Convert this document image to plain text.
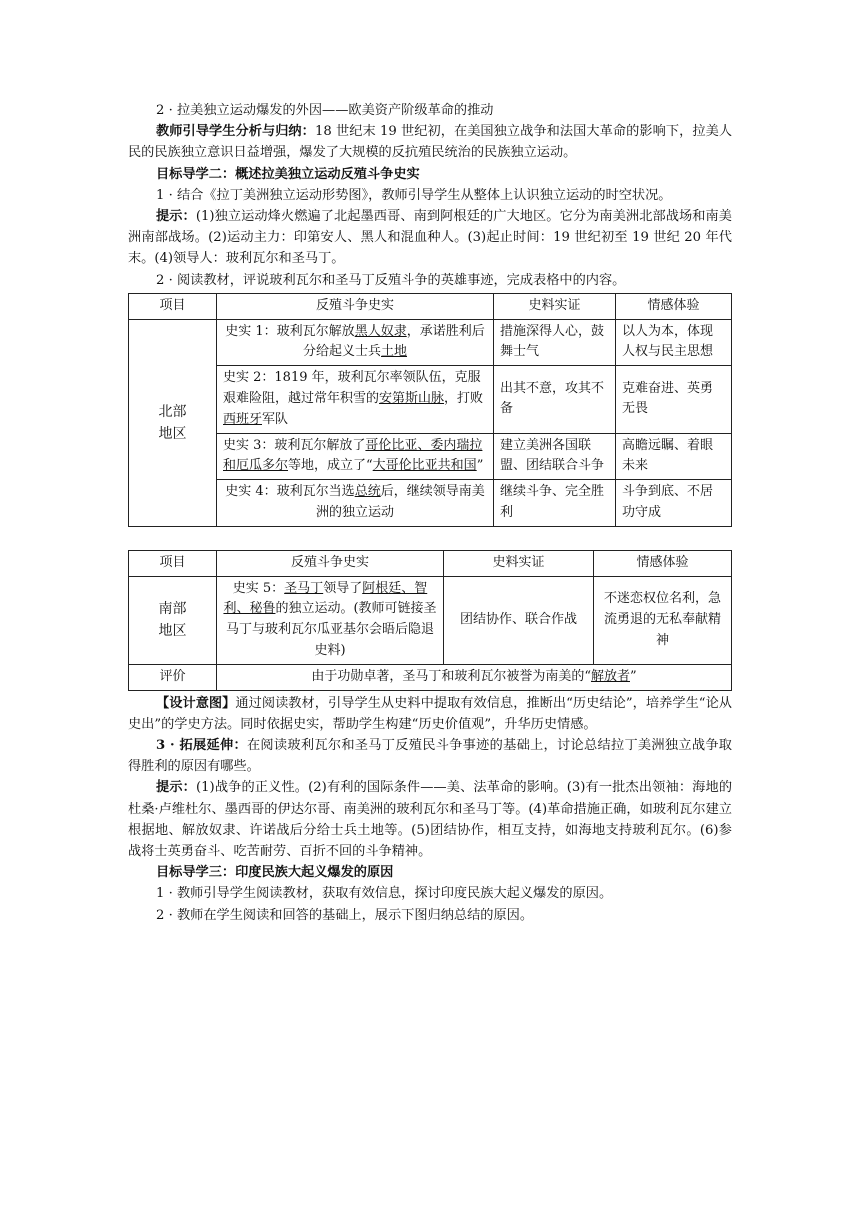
2 · 拉美独立运动爆发的外因——欧美资产阶级革命的推动

教师引导学生分析与归纳：18 世纪末 19 世纪初，在美国独立战争和法国大革命的影响下，拉美人民的民族独立意识日益增强，爆发了大规模的反抗殖民统治的民族独立运动。

目标导学二：概述拉美独立运动反殖斗争史实

1 · 结合《拉丁美洲独立运动形势图》，教师引导学生从整体上认识独立运动的时空状况。

提示：(1)独立运动烽火燃遍了北起墨西哥、南到阿根廷的广大地区。它分为南美洲北部战场和南美洲南部战场。(2)运动主力：印第安人、黑人和混血种人。(3)起止时间：19 世纪初至 19 世纪 20 年代末。(4)领导人：玻利瓦尔和圣马丁。

2 · 阅读教材，评说玻利瓦尔和圣马丁反殖斗争的英雄事迹，完成表格中的内容。

项目	反殖斗争史实	史料实证	情感体验
北部
地区	史实 1：玻利瓦尔解放黑人奴隶，承诺胜利后分给起义士兵土地	措施深得人心，鼓舞士气	以人为本，体现人权与民主思想
	史实 2：1819 年，玻利瓦尔率领队伍，克服艰难险阻，越过常年积雪的安第斯山脉，打败西班牙军队	出其不意，攻其不备	克难奋进、英勇无畏
	史实 3：玻利瓦尔解放了哥伦比亚、委内瑞拉和厄瓜多尔等地，成立了“大哥伦比亚共和国”	建立美洲各国联盟、团结联合斗争	高瞻远瞩、着眼未来
	史实 4：玻利瓦尔当选总统后，继续领导南美洲的独立运动	继续斗争、完全胜利	斗争到底、不居功守成
项目	反殖斗争史实	史料实证	情感体验
南部
地区	史实 5：圣马丁领导了阿根廷、智利、秘鲁的独立运动。(教师可链接圣马丁与玻利瓦尔瓜亚基尔会晤后隐退史料)	团结协作、联合作战	不迷恋权位名利，急流勇退的无私奉献精神
评价	由于功勋卓著，圣马丁和玻利瓦尔被誉为南美的“解放者”		

【设计意图】通过阅读教材，引导学生从史料中提取有效信息，推断出“历史结论”，培养学生“论从史出”的学史方法。同时依据史实，帮助学生构建“历史价值观”，升华历史情感。

3 · 拓展延伸：在阅读玻利瓦尔和圣马丁反殖民斗争事迹的基础上，讨论总结拉丁美洲独立战争取得胜利的原因有哪些。

提示：(1)战争的正义性。(2)有利的国际条件——美、法革命的影响。(3)有一批杰出领袖：海地的杜桑·卢维杜尔、墨西哥的伊达尔哥、南美洲的玻利瓦尔和圣马丁等。(4)革命措施正确，如玻利瓦尔建立根据地、解放奴隶、许诺战后分给士兵土地等。(5)团结协作，相互支持，如海地支持玻利瓦尔。(6)参战将士英勇奋斗、吃苦耐劳、百折不回的斗争精神。

目标导学三：印度民族大起义爆发的原因

1 · 教师引导学生阅读教材，获取有效信息，探讨印度民族大起义爆发的原因。

2 · 教师在学生阅读和回答的基础上，展示下图归纳总结的原因。
